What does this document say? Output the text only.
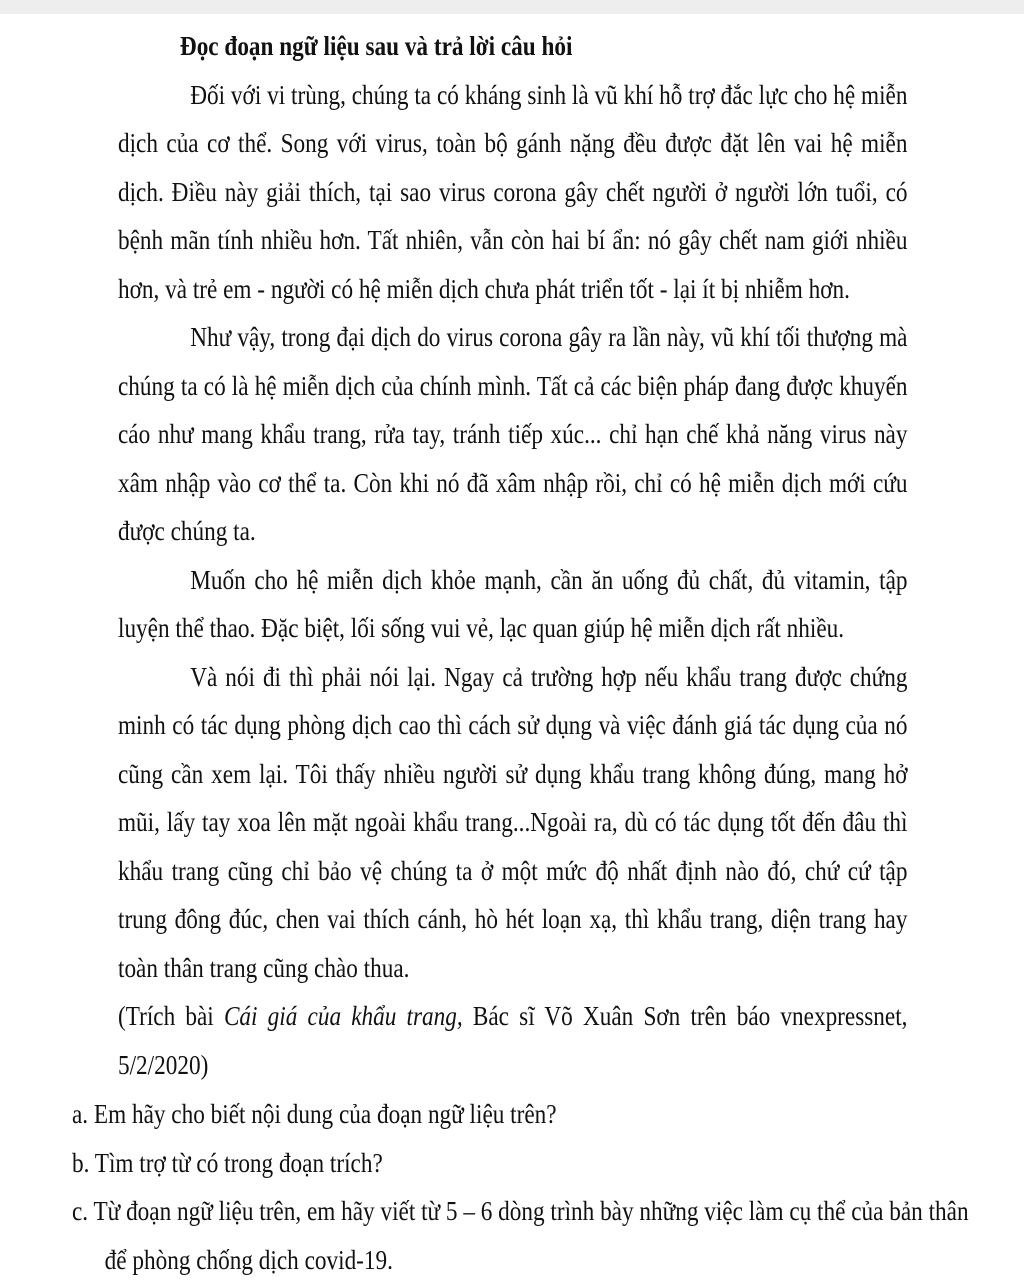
Đọc đoạn ngữ liệu sau và trả lời câu hỏi

Đối với vi trùng, chúng ta có kháng sinh là vũ khí hỗ trợ đắc lực cho hệ miễn dịch của cơ thể. Song với virus, toàn bộ gánh nặng đều được đặt lên vai hệ miễn dịch. Điều này giải thích, tại sao virus corona gây chết người ở người lớn tuổi, có bệnh mãn tính nhiều hơn. Tất nhiên, vẫn còn hai bí ẩn: nó gây chết nam giới nhiều hơn, và trẻ em - người có hệ miễn dịch chưa phát triển tốt - lại ít bị nhiễm hơn.

Như vậy, trong đại dịch do virus corona gây ra lần này, vũ khí tối thượng mà chúng ta có là hệ miễn dịch của chính mình. Tất cả các biện pháp đang được khuyến cáo như mang khẩu trang, rửa tay, tránh tiếp xúc... chỉ hạn chế khả năng virus này xâm nhập vào cơ thể ta. Còn khi nó đã xâm nhập rồi, chỉ có hệ miễn dịch mới cứu được chúng ta.

Muốn cho hệ miễn dịch khỏe mạnh, cần ăn uống đủ chất, đủ vitamin, tập luyện thể thao. Đặc biệt, lối sống vui vẻ, lạc quan giúp hệ miễn dịch rất nhiều.

Và nói đi thì phải nói lại. Ngay cả trường hợp nếu khẩu trang được chứng minh có tác dụng phòng dịch cao thì cách sử dụng và việc đánh giá tác dụng của nó cũng cần xem lại. Tôi thấy nhiều người sử dụng khẩu trang không đúng, mang hở mũi, lấy tay xoa lên mặt ngoài khẩu trang...Ngoài ra, dù có tác dụng tốt đến đâu thì khẩu trang cũng chỉ bảo vệ chúng ta ở một mức độ nhất định nào đó, chứ cứ tập trung đông đúc, chen vai thích cánh, hò hét loạn xạ, thì khẩu trang, diện trang hay toàn thân trang cũng chào thua.

(Trích bài Cái giá của khẩu trang, Bác sĩ Võ Xuân Sơn trên báo vnexpressnet, 5/2/2020)

a. Em hãy cho biết nội dung của đoạn ngữ liệu trên?

b. Tìm trợ từ có trong đoạn trích?

c. Từ đoạn ngữ liệu trên, em hãy viết từ 5 – 6 dòng trình bày những việc làm cụ thể của bản thân

để phòng chống dịch covid-19.
